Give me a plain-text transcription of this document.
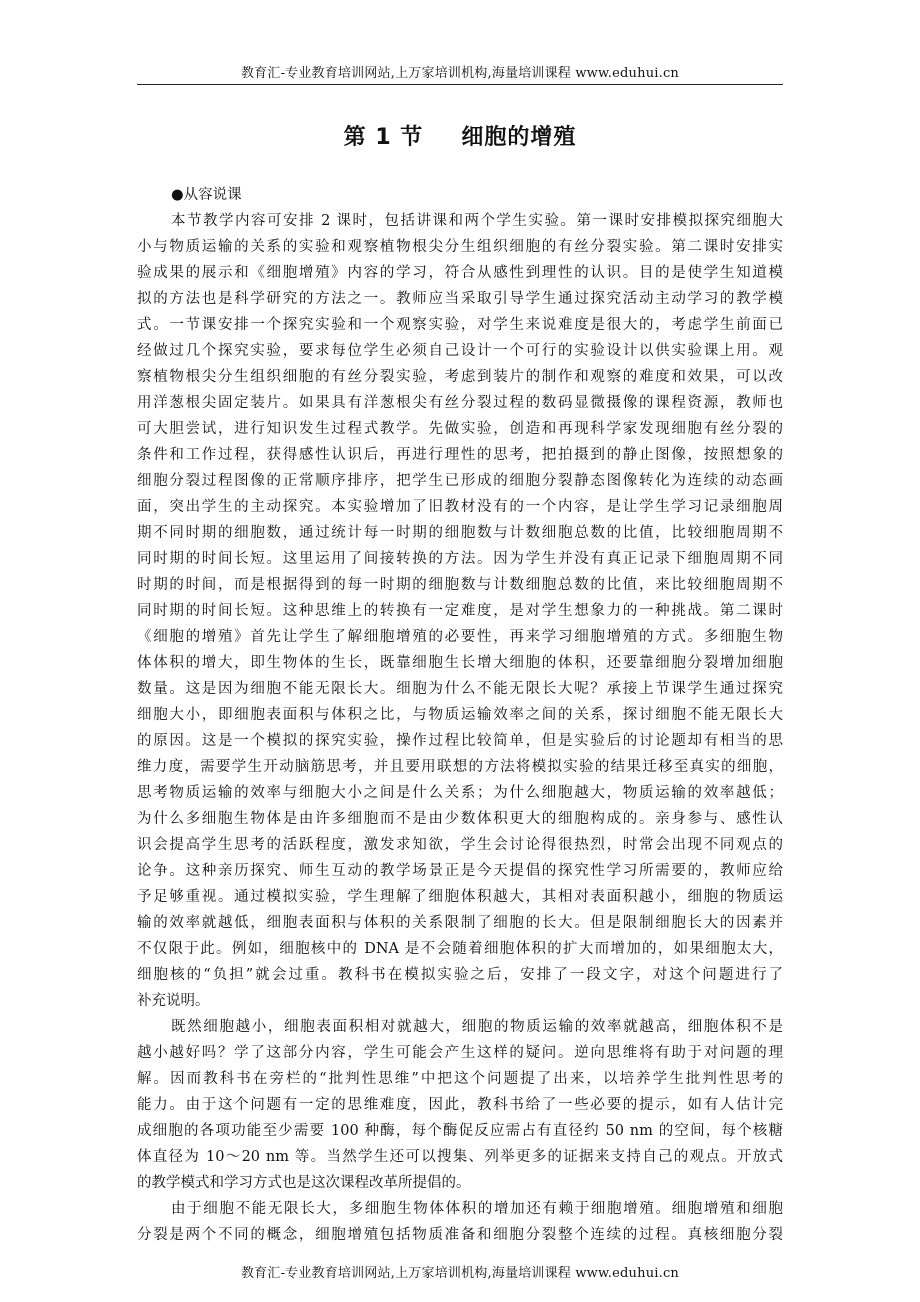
教育汇-专业教育培训网站,上万家培训机构,海量培训课程 www.eduhui.cn
第 1 节 细胞的增殖
●从容说课
本节教学内容可安排 2 课时，包括讲课和两个学生实验。第一课时安排模拟探究细胞大
小与物质运输的关系的实验和观察植物根尖分生组织细胞的有丝分裂实验。第二课时安排实
验成果的展示和《细胞增殖》内容的学习，符合从感性到理性的认识。目的是使学生知道模
拟的方法也是科学研究的方法之一。教师应当采取引导学生通过探究活动主动学习的教学模
式。一节课安排一个探究实验和一个观察实验，对学生来说难度是很大的，考虑学生前面已
经做过几个探究实验，要求每位学生必须自己设计一个可行的实验设计以供实验课上用。观
察植物根尖分生组织细胞的有丝分裂实验，考虑到装片的制作和观察的难度和效果，可以改
用洋葱根尖固定装片。如果具有洋葱根尖有丝分裂过程的数码显微摄像的课程资源，教师也
可大胆尝试，进行知识发生过程式教学。先做实验，创造和再现科学家发现细胞有丝分裂的
条件和工作过程，获得感性认识后，再进行理性的思考，把拍摄到的静止图像，按照想象的
细胞分裂过程图像的正常顺序排序，把学生已形成的细胞分裂静态图像转化为连续的动态画
面，突出学生的主动探究。本实验增加了旧教材没有的一个内容，是让学生学习记录细胞周
期不同时期的细胞数，通过统计每一时期的细胞数与计数细胞总数的比值，比较细胞周期不
同时期的时间长短。这里运用了间接转换的方法。因为学生并没有真正记录下细胞周期不同
时期的时间，而是根据得到的每一时期的细胞数与计数细胞总数的比值，来比较细胞周期不
同时期的时间长短。这种思维上的转换有一定难度，是对学生想象力的一种挑战。第二课时
《细胞的增殖》首先让学生了解细胞增殖的必要性，再来学习细胞增殖的方式。多细胞生物
体体积的增大，即生物体的生长，既靠细胞生长增大细胞的体积，还要靠细胞分裂增加细胞
数量。这是因为细胞不能无限长大。细胞为什么不能无限长大呢？承接上节课学生通过探究
细胞大小，即细胞表面积与体积之比，与物质运输效率之间的关系，探讨细胞不能无限长大
的原因。这是一个模拟的探究实验，操作过程比较简单，但是实验后的讨论题却有相当的思
维力度，需要学生开动脑筋思考，并且要用联想的方法将模拟实验的结果迁移至真实的细胞，
思考物质运输的效率与细胞大小之间是什么关系；为什么细胞越大，物质运输的效率越低；
为什么多细胞生物体是由许多细胞而不是由少数体积更大的细胞构成的。亲身参与、感性认
识会提高学生思考的活跃程度，激发求知欲，学生会讨论得很热烈，时常会出现不同观点的
论争。这种亲历探究、师生互动的教学场景正是今天提倡的探究性学习所需要的，教师应给
予足够重视。通过模拟实验，学生理解了细胞体积越大，其相对表面积越小，细胞的物质运
输的效率就越低，细胞表面积与体积的关系限制了细胞的长大。但是限制细胞长大的因素并
不仅限于此。例如，细胞核中的 DNA 是不会随着细胞体积的扩大而增加的，如果细胞太大，
细胞核的“负担”就会过重。教科书在模拟实验之后，安排了一段文字，对这个问题进行了
补充说明。
既然细胞越小，细胞表面积相对就越大，细胞的物质运输的效率就越高，细胞体积不是
越小越好吗？学了这部分内容，学生可能会产生这样的疑问。逆向思维将有助于对问题的理
解。因而教科书在旁栏的“批判性思维”中把这个问题提了出来，以培养学生批判性思考的
能力。由于这个问题有一定的思维难度，因此，教科书给了一些必要的提示，如有人估计完
成细胞的各项功能至少需要 100 种酶，每个酶促反应需占有直径约 50 nm 的空间，每个核糖
体直径为 10～20 nm 等。当然学生还可以搜集、列举更多的证据来支持自己的观点。开放式
的教学模式和学习方式也是这次课程改革所提倡的。
由于细胞不能无限长大，多细胞生物体体积的增加还有赖于细胞增殖。细胞增殖和细胞
分裂是两个不同的概念，细胞增殖包括物质准备和细胞分裂整个连续的过程。真核细胞分裂
教育汇-专业教育培训网站,上万家培训机构,海量培训课程 www.eduhui.cn
